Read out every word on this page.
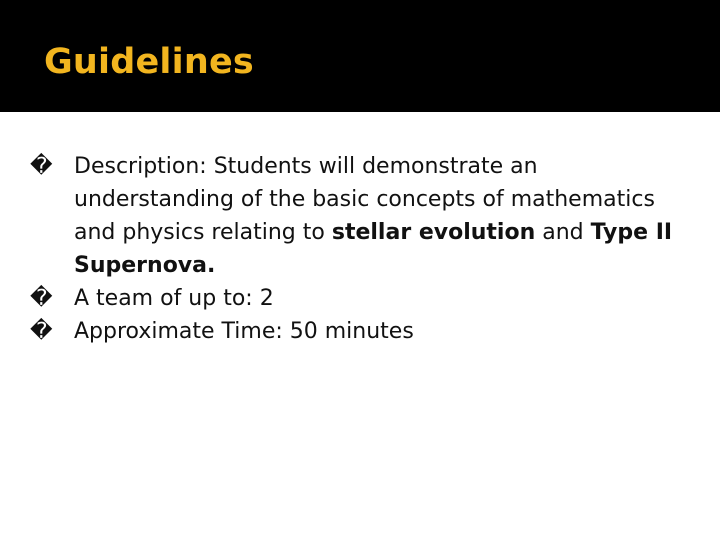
Guidelines
� Description: Students will demonstrate an understanding of the basic concepts of mathematics and physics relating to stellar evolution and Type II Supernova.
� A team of up to: 2
� Approximate Time: 50 minutes
